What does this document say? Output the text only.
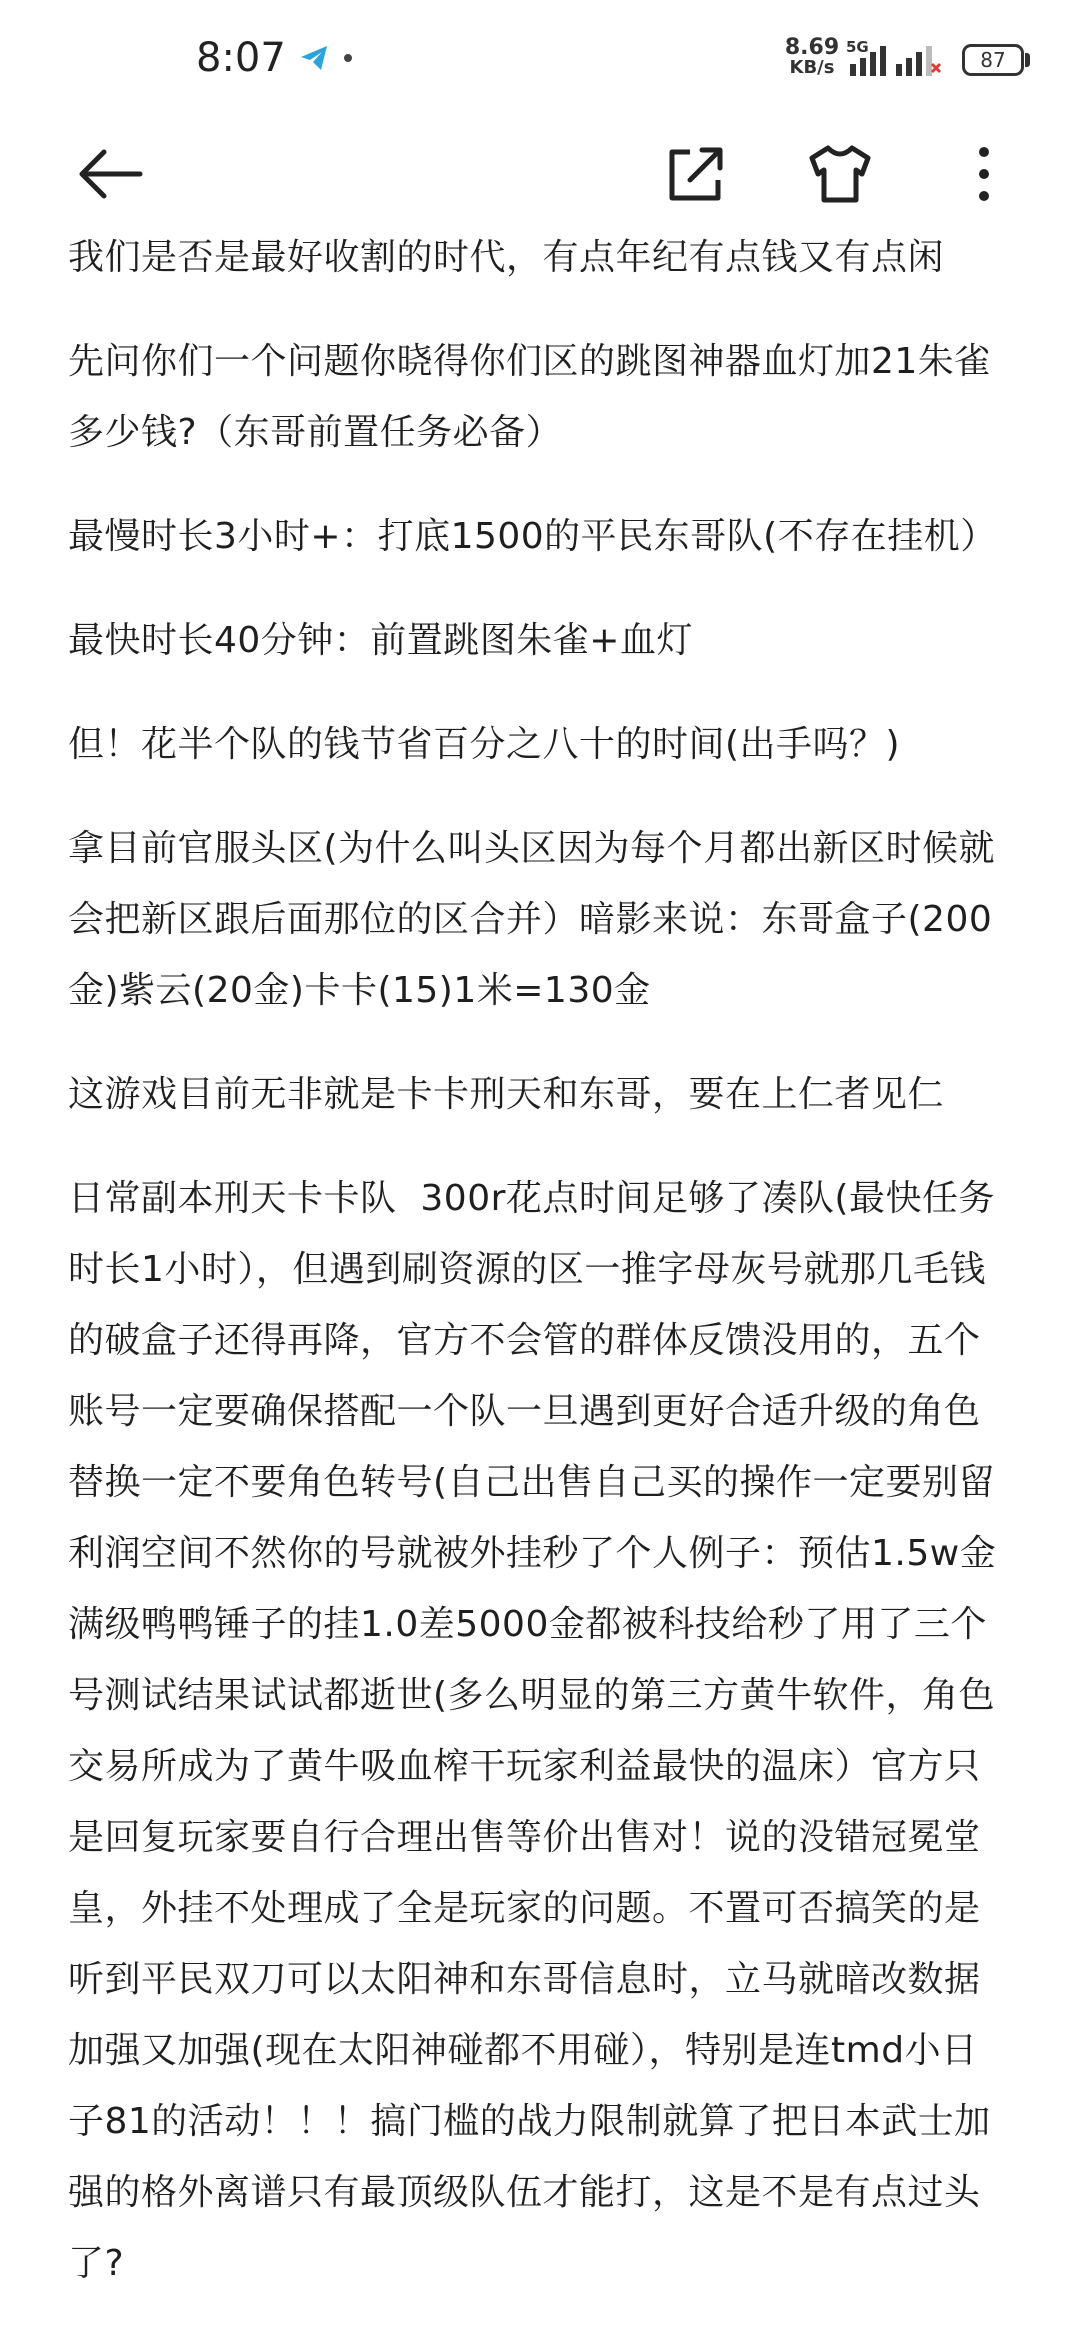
8:07	8.69
KB/s
5G
87

我们是否是最好收割的时代，有点年纪有点钱又有点闲

先问你们一个问题你晓得你们区的跳图神器血灯加21朱雀多少钱?（东哥前置任务必备）

最慢时长3小时+：打底1500的平民东哥队(不存在挂机）

最快时长40分钟：前置跳图朱雀+血灯

但！花半个队的钱节省百分之八十的时间(出手吗？)

拿目前官服头区(为什么叫头区因为每个月都出新区时候就会把新区跟后面那位的区合并）暗影来说：东哥盒子(200金)紫云(20金)卡卡(15)1米=130金

这游戏目前无非就是卡卡刑天和东哥，要在上仁者见仁

日常副本刑天卡卡队  300r花点时间足够了凑队(最快任务时长1小时），但遇到刷资源的区一推字母灰号就那几毛钱的破盒子还得再降，官方不会管的群体反馈没用的，五个账号一定要确保搭配一个队一旦遇到更好合适升级的角色替换一定不要角色转号(自己出售自己买的操作一定要别留利润空间不然你的号就被外挂秒了个人例子：预估1.5w金满级鸭鸭锤子的挂1.0差5000金都被科技给秒了用了三个号测试结果试试都逝世(多么明显的第三方黄牛软件，角色交易所成为了黄牛吸血榨干玩家利益最快的温床）官方只是回复玩家要自行合理出售等价出售对！说的没错冠冕堂皇，外挂不处理成了全是玩家的问题。不置可否搞笑的是听到平民双刀可以太阳神和东哥信息时，立马就暗改数据加强又加强(现在太阳神碰都不用碰），特别是连tmd小日子81的活动！！！搞门槛的战力限制就算了把日本武士加强的格外离谱只有最顶级队伍才能打，这是不是有点过头了?
